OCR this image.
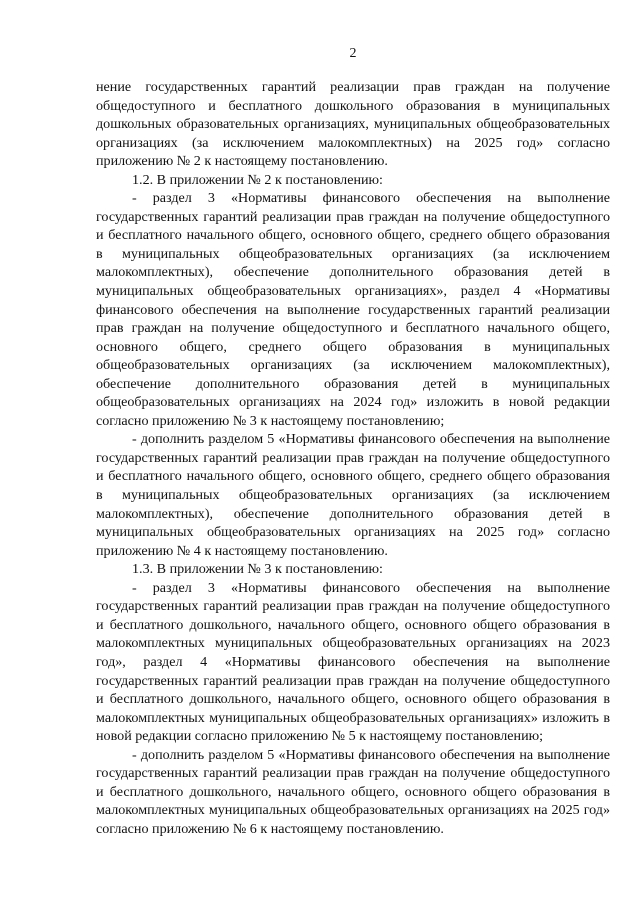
2

нение государственных гарантий реализации прав граждан на получение общедоступного и бесплатного дошкольного образования в муниципальных дошкольных образовательных организациях, муниципальных общеобразовательных организациях (за исключением малокомплектных) на 2025 год» согласно приложению № 2 к настоящему постановлению.

1.2. В приложении № 2 к постановлению:

- раздел 3 «Нормативы финансового обеспечения на выполнение государственных гарантий реализации прав граждан на получение общедоступного и бесплатного начального общего, основного общего, среднего общего образования в муниципальных общеобразовательных организациях (за исключением малокомплектных), обеспечение дополнительного образования детей в муниципальных общеобразовательных организациях», раздел 4 «Нормативы финансового обеспечения на выполнение государственных гарантий реализации прав граждан на получение общедоступного и бесплатного начального общего, основного общего, среднего общего образования в муниципальных общеобразовательных организациях (за исключением малокомплектных), обеспечение дополнительного образования детей в муниципальных общеобразовательных организациях на 2024 год» изложить в новой редакции согласно приложению № 3 к настоящему постановлению;

- дополнить разделом 5 «Нормативы финансового обеспечения на выполнение государственных гарантий реализации прав граждан на получение общедоступного и бесплатного начального общего, основного общего, среднего общего образования в муниципальных общеобразовательных организациях (за исключением малокомплектных), обеспечение дополнительного образования детей в муниципальных общеобразовательных организациях на 2025 год» согласно приложению № 4 к настоящему постановлению.

1.3. В приложении № 3 к постановлению:

- раздел 3 «Нормативы финансового обеспечения на выполнение государственных гарантий реализации прав граждан на получение общедоступного и бесплатного дошкольного, начального общего, основного общего образования в малокомплектных муниципальных общеобразовательных организациях на 2023 год», раздел 4 «Нормативы финансового обеспечения на выполнение государственных гарантий реализации прав граждан на получение общедоступного и бесплатного дошкольного, начального общего, основного общего образования в малокомплектных муниципальных общеобразовательных организациях» изложить в новой редакции согласно приложению № 5 к настоящему постановлению;

- дополнить разделом 5 «Нормативы финансового обеспечения на выполнение государственных гарантий реализации прав граждан на получение общедоступного и бесплатного дошкольного, начального общего, основного общего образования в малокомплектных муниципальных общеобразовательных организациях на 2025 год» согласно приложению № 6 к настоящему постановлению.
